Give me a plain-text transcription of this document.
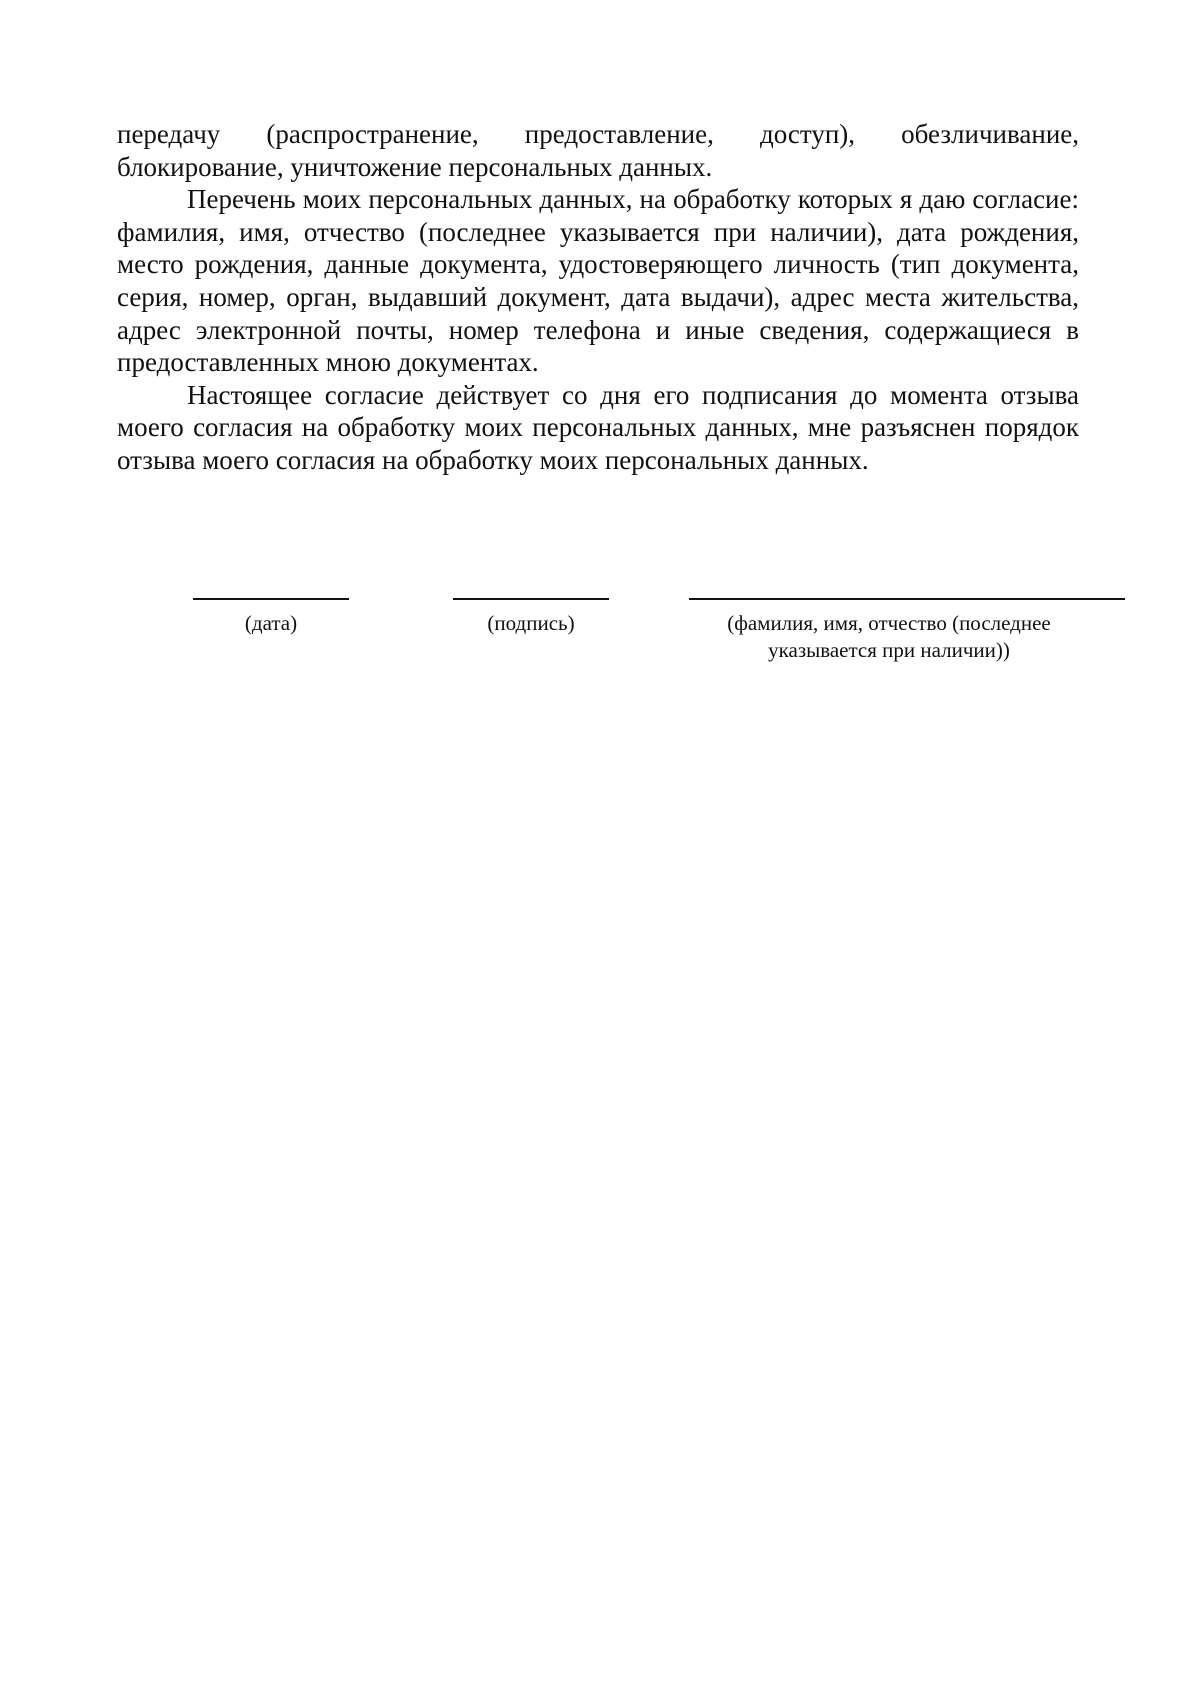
передачу (распространение, предоставление, доступ), обезличивание, блокирование, уничтожение персональных данных.

Перечень моих персональных данных, на обработку которых я даю согласие: фамилия, имя, отчество (последнее указывается при наличии), дата рождения, место рождения, данные документа, удостоверяющего личность (тип документа, серия, номер, орган, выдавший документ, дата выдачи), адрес места жительства, адрес электронной почты, номер телефона и иные сведения, содержащиеся в предоставленных мною документах.

Настоящее согласие действует со дня его подписания до момента отзыва моего согласия на обработку моих персональных данных, мне разъяснен порядок отзыва моего согласия на обработку моих персональных данных.

(дата)	(подпись)	(фамилия, имя, отчество (последнее указывается при наличии))
